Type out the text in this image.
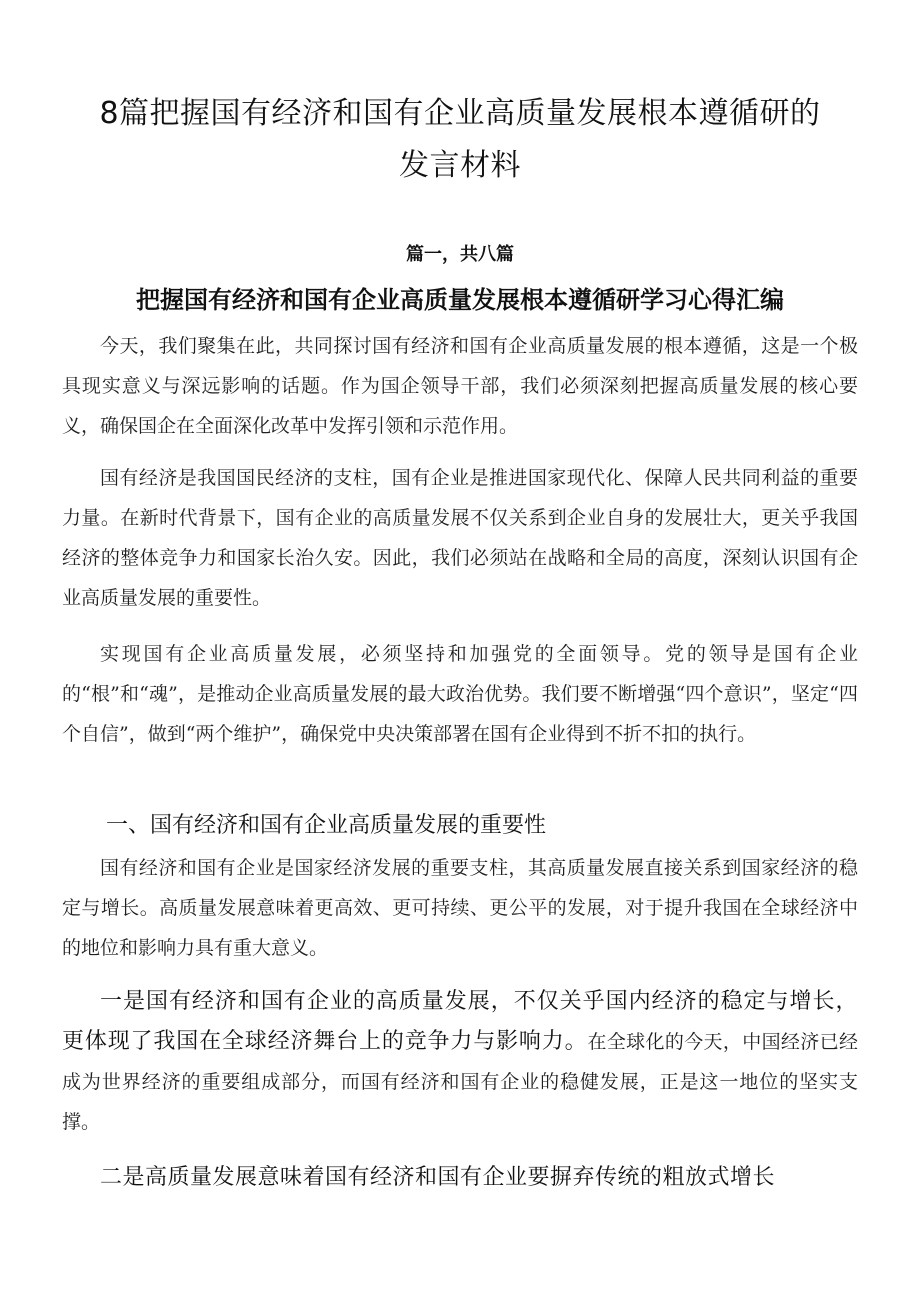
8篇把握国有经济和国有企业高质量发展根本遵循研的
发言材料
篇一，共八篇
把握国有经济和国有企业高质量发展根本遵循研学习心得汇编

今天，我们聚集在此，共同探讨国有经济和国有企业高质量发展的根本遵循，这是一个极具现实意义与深远影响的话题。作为国企领导干部，我们必须深刻把握高质量发展的核心要义，确保国企在全面深化改革中发挥引领和示范作用。

国有经济是我国国民经济的支柱，国有企业是推进国家现代化、保障人民共同利益的重要力量。在新时代背景下，国有企业的高质量发展不仅关系到企业自身的发展壮大，更关乎我国经济的整体竞争力和国家长治久安。因此，我们必须站在战略和全局的高度，深刻认识国有企业高质量发展的重要性。

实现国有企业高质量发展，必须坚持和加强党的全面领导。党的领导是国有企业的“根”和“魂”，是推动企业高质量发展的最大政治优势。我们要不断增强“四个意识”，坚定“四个自信”，做到“两个维护”，确保党中央决策部署在国有企业得到不折不扣的执行。

一、国有经济和国有企业高质量发展的重要性

国有经济和国有企业是国家经济发展的重要支柱，其高质量发展直接关系到国家经济的稳定与增长。高质量发展意味着更高效、更可持续、更公平的发展，对于提升我国在全球经济中的地位和影响力具有重大意义。

一是国有经济和国有企业的高质量发展，不仅关乎国内经济的稳定与增长，更体现了我国在全球经济舞台上的竞争力与影响力。在全球化的今天，中国经济已经成为世界经济的重要组成部分，而国有经济和国有企业的稳健发展，正是这一地位的坚实支撑。

二是高质量发展意味着国有经济和国有企业要摒弃传统的粗放式增长
